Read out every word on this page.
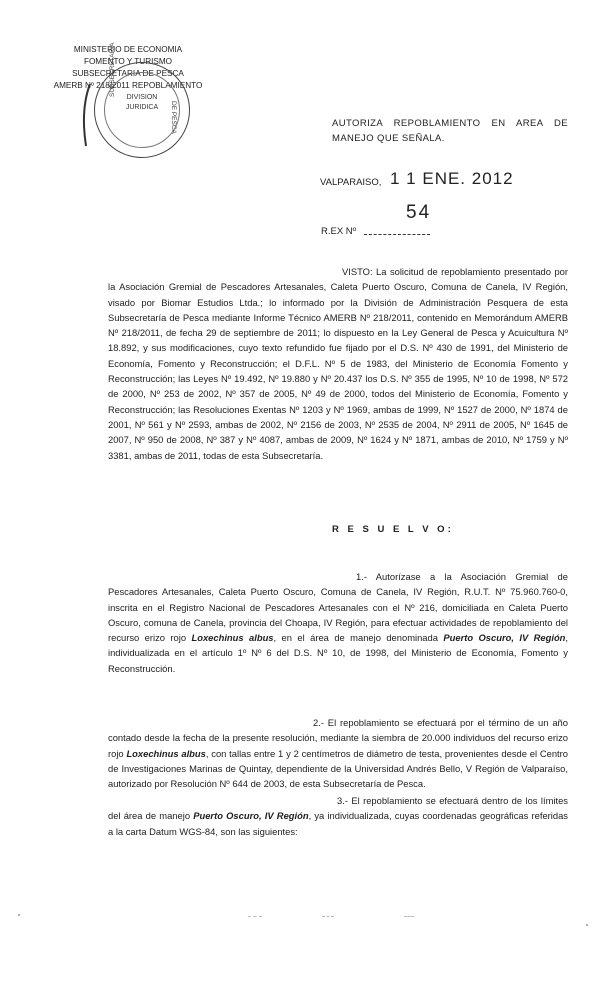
MINISTERIO DE ECONOMIA
FOMENTO Y TURISMO
SUBSECRETARIA DE PESCA
AMERB Nº 218/2011 REPOBLAMIENTO
SUBSECRETARIA
DE PESCA
DIVISION
JURIDICA
AUTORIZA REPOBLAMIENTO EN AREA DE MANEJO QUE SEÑALA.
VALPARAISO, 1 1 ENE. 2012
54
R.EX Nº
VISTO: La solicitud de repoblamiento presentado por la Asociación Gremial de Pescadores Artesanales, Caleta Puerto Oscuro, Comuna de Canela, IV Región, visado por Biomar Estudios Ltda.; lo informado por la División de Administración Pesquera de esta Subsecretaría de Pesca mediante Informe Técnico AMERB Nº 218/2011, contenido en Memorándum AMERB Nº 218/2011, de fecha 29 de septiembre de 2011; lo dispuesto en la Ley General de Pesca y Acuicultura Nº 18.892, y sus modificaciones, cuyo texto refundido fue fijado por el D.S. Nº 430 de 1991, del Ministerio de Economía, Fomento y Reconstrucción; el D.F.L. Nº 5 de 1983, del Ministerio de Economía Fomento y Reconstrucción; las Leyes Nº 19.492, Nº 19.880 y Nº 20.437 los D.S. Nº 355 de 1995, Nº 10 de 1998, Nº 572 de 2000, Nº 253 de 2002, Nº 357 de 2005, Nº 49 de 2000, todos del Ministerio de Economía, Fomento y Reconstrucción; las Resoluciones Exentas Nº 1203 y Nº 1969, ambas de 1999, Nº 1527 de 2000, Nº 1874 de 2001, Nº 561 y Nº 2593, ambas de 2002, Nº 2156 de 2003, Nº 2535 de 2004, Nº 2911 de 2005, Nº 1645 de 2007, Nº 950 de 2008, Nº 387 y Nº 4087, ambas de 2009, Nº 1624 y Nº 1871, ambas de 2010, Nº 1759 y Nº 3381, ambas de 2011, todas de esta Subsecretaría.
R E S U E L V O:
1.- Autorízase a la Asociación Gremial de Pescadores Artesanales, Caleta Puerto Oscuro, Comuna de Canela, IV Región, R.U.T. Nº 75.960.760-0, inscrita en el Registro Nacional de Pescadores Artesanales con el Nº 216, domiciliada en Caleta Puerto Oscuro, comuna de Canela, provincia del Choapa, IV Región, para efectuar actividades de repoblamiento del recurso erizo rojo Loxechinus albus, en el área de manejo denominada Puerto Oscuro, IV Región, individualizada en el artículo 1º Nº 6 del D.S. Nº 10, de 1998, del Ministerio de Economía, Fomento y Reconstrucción.
2.- El repoblamiento se efectuará por el término de un año contado desde la fecha de la presente resolución, mediante la siembra de 20.000 individuos del recurso erizo rojo Loxechinus albus, con tallas entre 1 y 2 centímetros de diámetro de testa, provenientes desde el Centro de Investigaciones Marinas de Quintay, dependiente de la Universidad Andrés Bello, V Región de Valparaíso, autorizado por Resolución Nº 644 de 2003, de esta Subsecretaría de Pesca.
3.- El repoblamiento se efectuará dentro de los límites del área de manejo Puerto Oscuro, IV Región, ya individualizada, cuyas coordenadas geográficas referidas a la carta Datum WGS-84, son las siguientes:
